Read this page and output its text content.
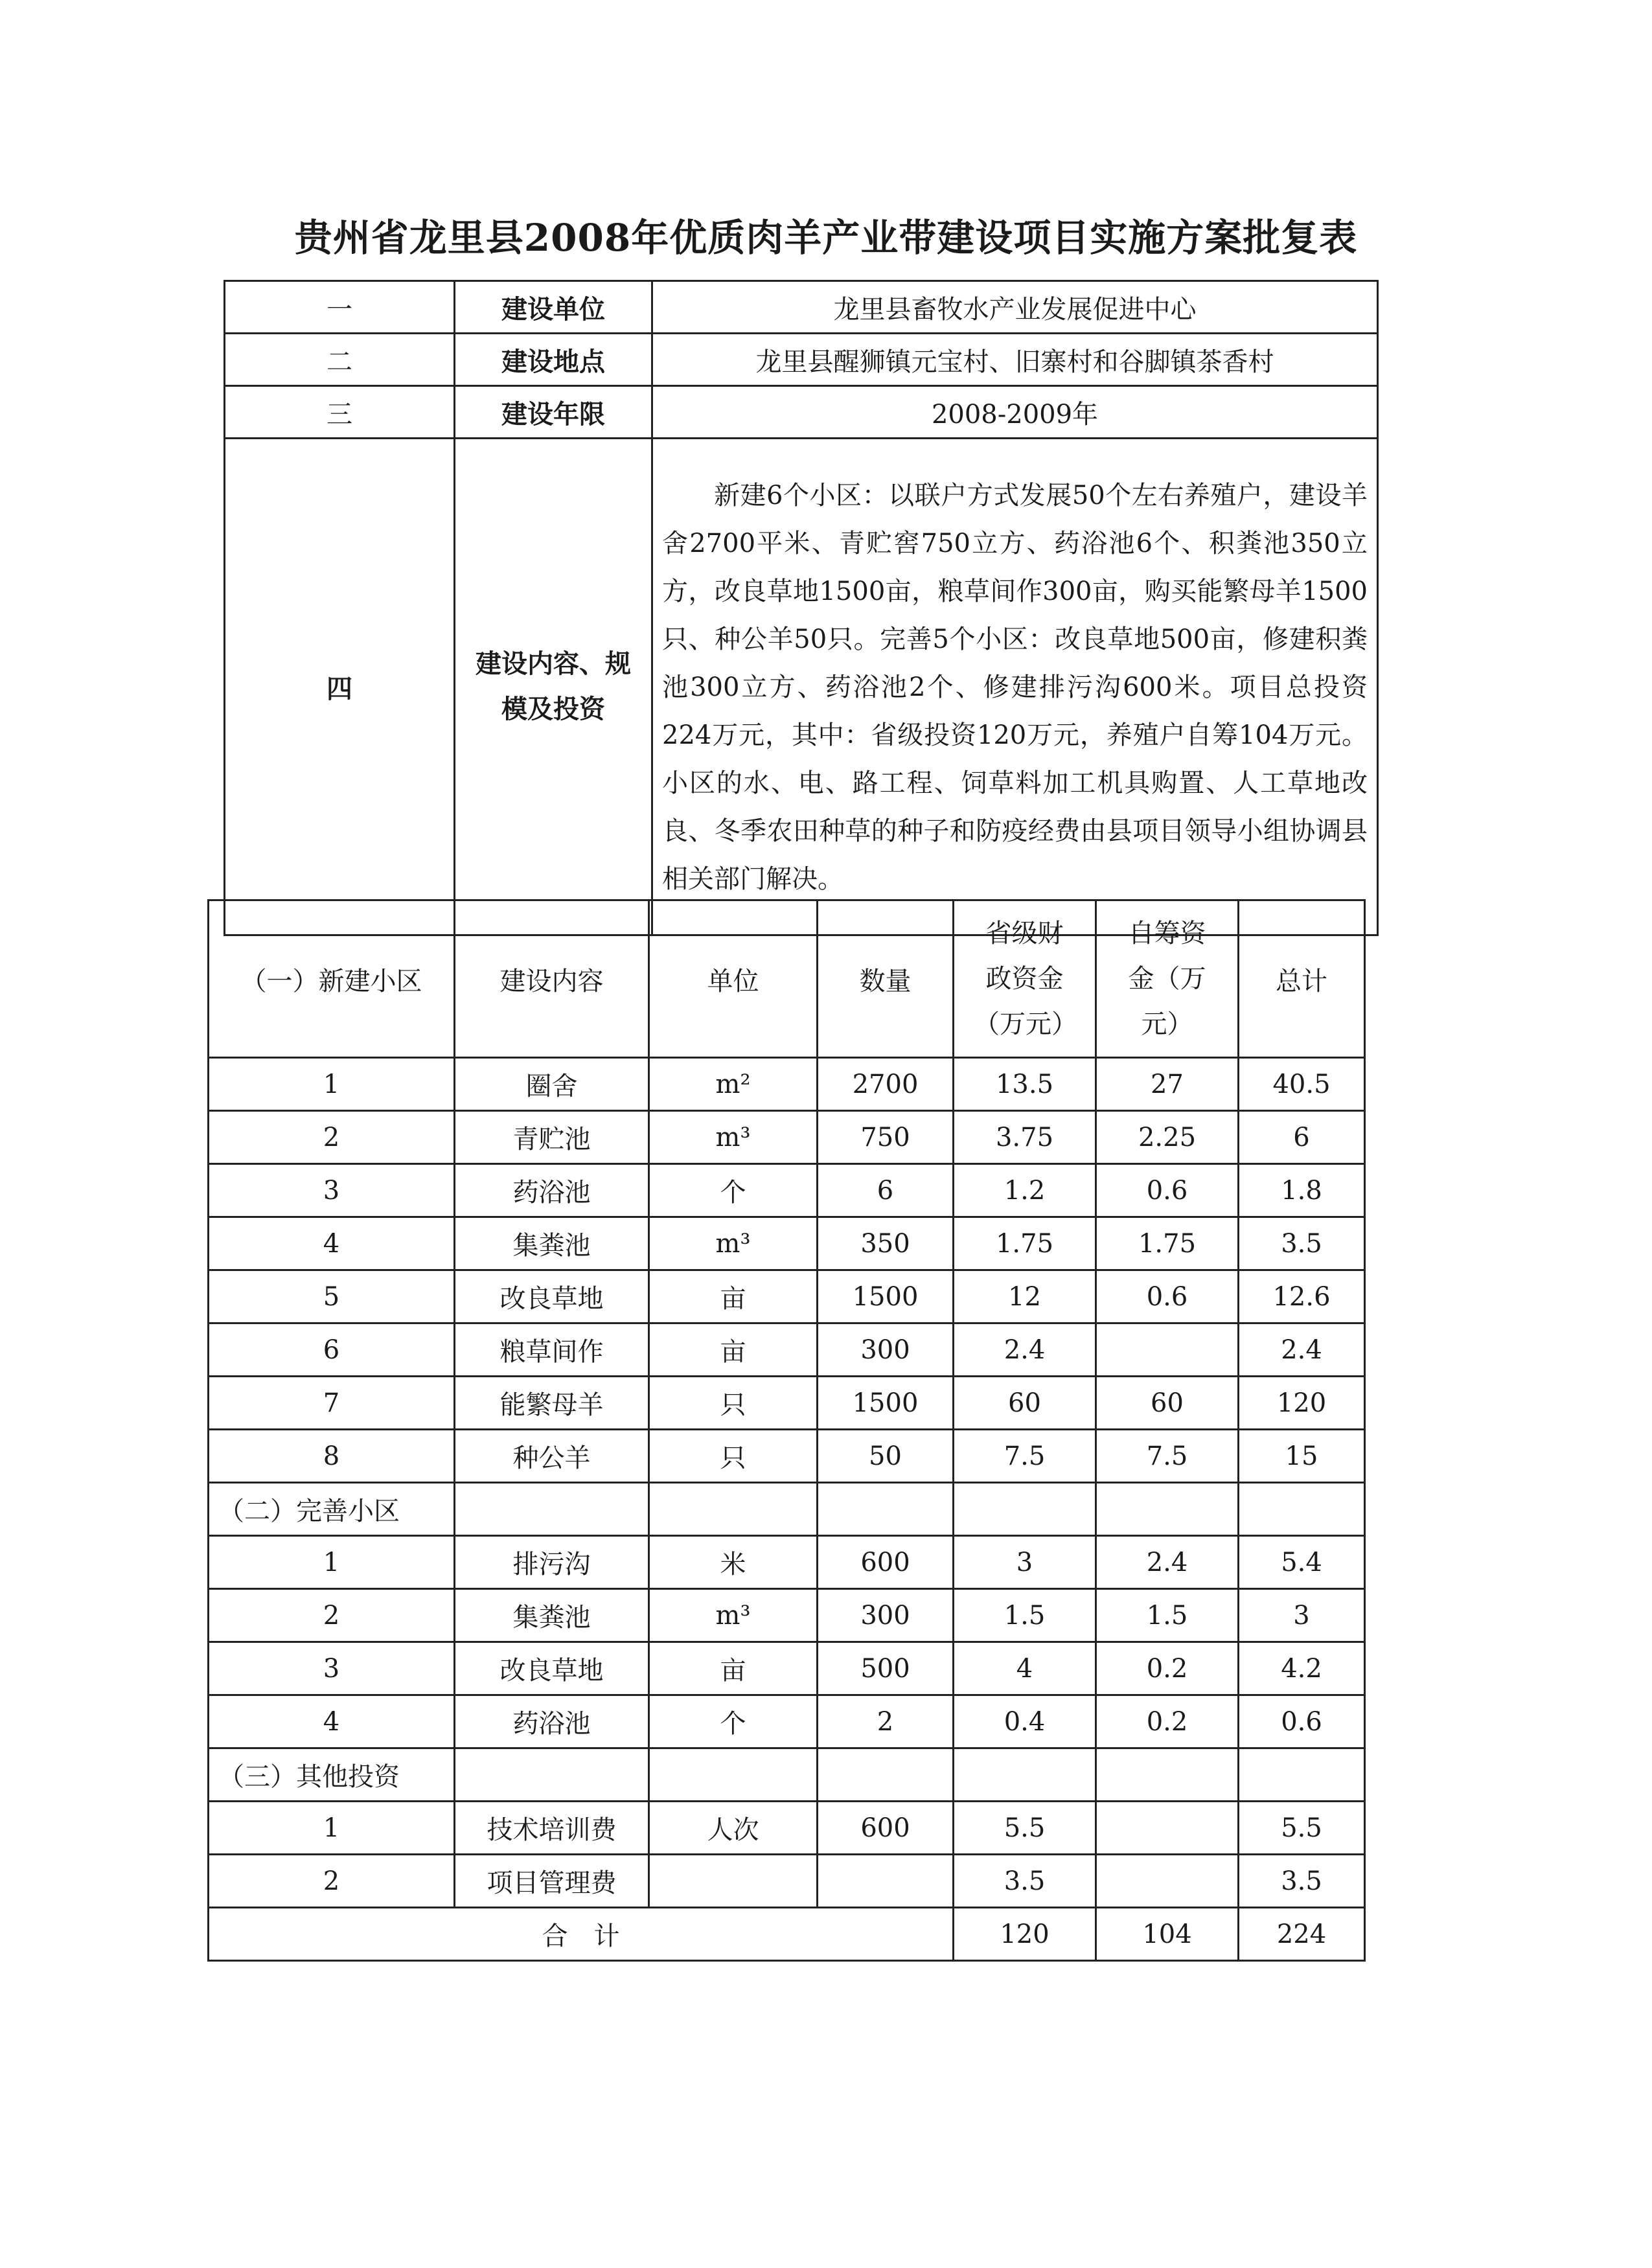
贵州省龙里县2008年优质肉羊产业带建设项目实施方案批复表
一	建设单位	龙里县畜牧水产业发展促进中心
二	建设地点	龙里县醒狮镇元宝村、旧寨村和谷脚镇茶香村
三	建设年限	2008-2009年
四	建设内容、规模及投资	新建6个小区：以联户方式发展50个左右养殖户，建设羊舍2700平米、青贮窖750立方、药浴池6个、积粪池350立方，改良草地1500亩，粮草间作300亩，购买能繁母羊1500只、种公羊50只。完善5个小区：改良草地500亩，修建积粪池300立方、药浴池2个、修建排污沟600米。项目总投资224万元，其中：省级投资120万元，养殖户自筹104万元。小区的水、电、路工程、饲草料加工机具购置、人工草地改良、冬季农田种草的种子和防疫经费由县项目领导小组协调县相关部门解决。
（一）新建小区	建设内容	单位	数量	省级财政资金（万元）	自筹资金（万元）	总计
1	圈舍	m²	2700	13.5	27	40.5
2	青贮池	m³	750	3.75	2.25	6
3	药浴池	个	6	1.2	0.6	1.8
4	集粪池	m³	350	1.75	1.75	3.5
5	改良草地	亩	1500	12	0.6	12.6
6	粮草间作	亩	300	2.4		2.4
7	能繁母羊	只	1500	60	60	120
8	种公羊	只	50	7.5	7.5	15
（二）完善小区						
1	排污沟	米	600	3	2.4	5.4
2	集粪池	m³	300	1.5	1.5	3
3	改良草地	亩	500	4	0.2	4.2
4	药浴池	个	2	0.4	0.2	0.6
（三）其他投资						
1	技术培训费	人次	600	5.5		5.5
2	项目管理费			3.5		3.5
合　计				120	104	224
